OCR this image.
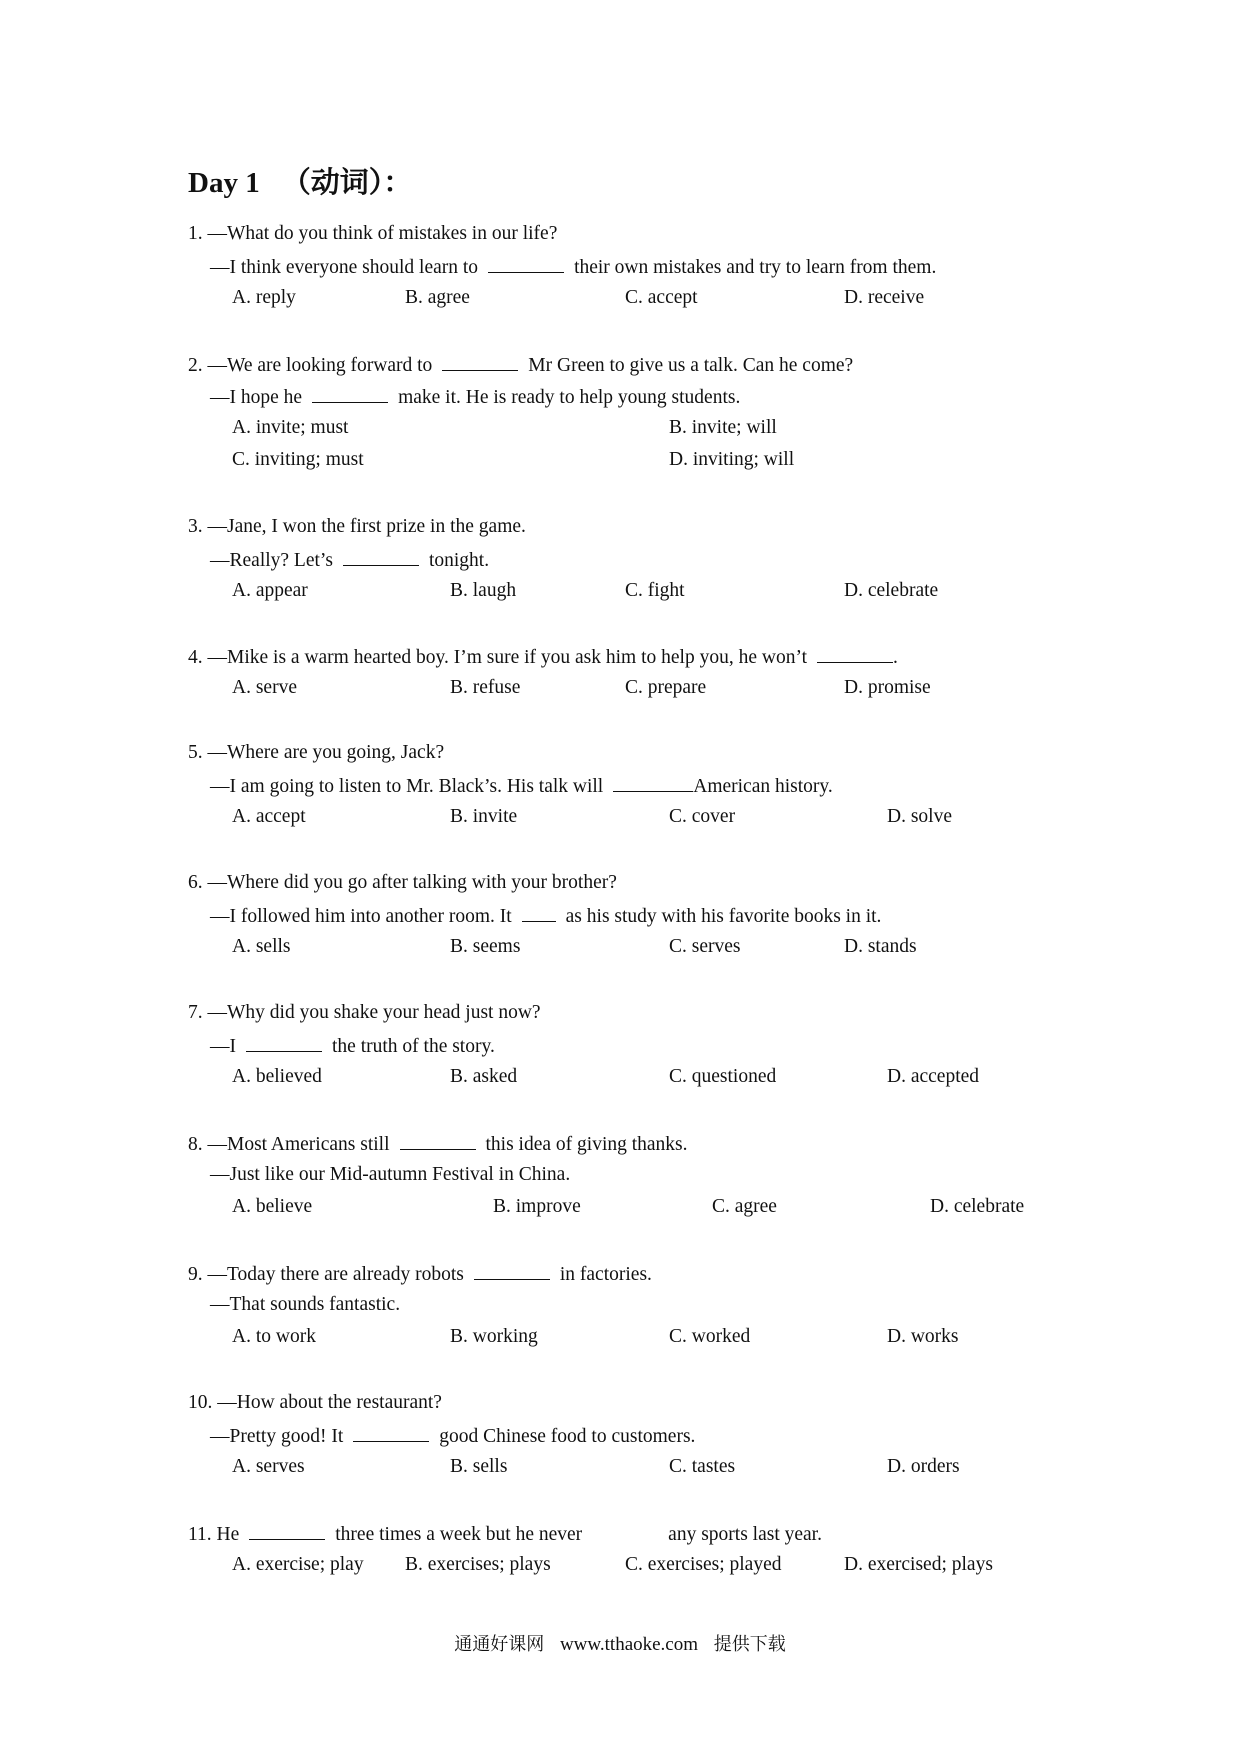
Day 1 （动词）：
1. —What do you think of mistakes in our life?
—I think everyone should learn to	their own mistakes and try to learn from them.
A. reply	B. agree	C. accept	D. receive
2. —We are looking forward to	Mr Green to give us a talk. Can he come?
—I hope he	make it. He is ready to help young students.
A. invite; must	B. invite; will
C. inviting; must	D. inviting; will
3. —Jane, I won the first prize in the game.
—Really? Let’s	tonight.
A. appear	B. laugh	C. fight	D. celebrate
4. —Mike is a warm hearted boy. I’m sure if you ask him to help you, he won’t	.
A. serve	B. refuse	C. prepare	D. promise
5. —Where are you going, Jack?
—I am going to listen to Mr. Black’s. His talk will	American history.
A. accept	B. invite	C. cover	D. solve
6. —Where did you go after talking with your brother?
—I followed him into another room. It	as his study with his favorite books in it.
A. sells	B. seems	C. serves	D. stands
7. —Why did you shake your head just now?
—I	the truth of the story.
A. believed	B. asked	C. questioned	D. accepted
8. —Most Americans still	this idea of giving thanks.
—Just like our Mid-autumn Festival in China.
A. believe	B. improve	C. agree	D. celebrate
9. —Today there are already robots	in factories.
—That sounds fantastic.
A. to work	B. working	C. worked	D. works
10. —How about the restaurant?
—Pretty good! It	good Chinese food to customers.
A. serves	B. sells	C. tastes	D. orders
11. He	three times a week but he never	any sports last year.
A. exercise; play B. exercises; plays	C. exercises; played	D. exercised; plays
通通好课网 www.tthaoke.com 提供下载
